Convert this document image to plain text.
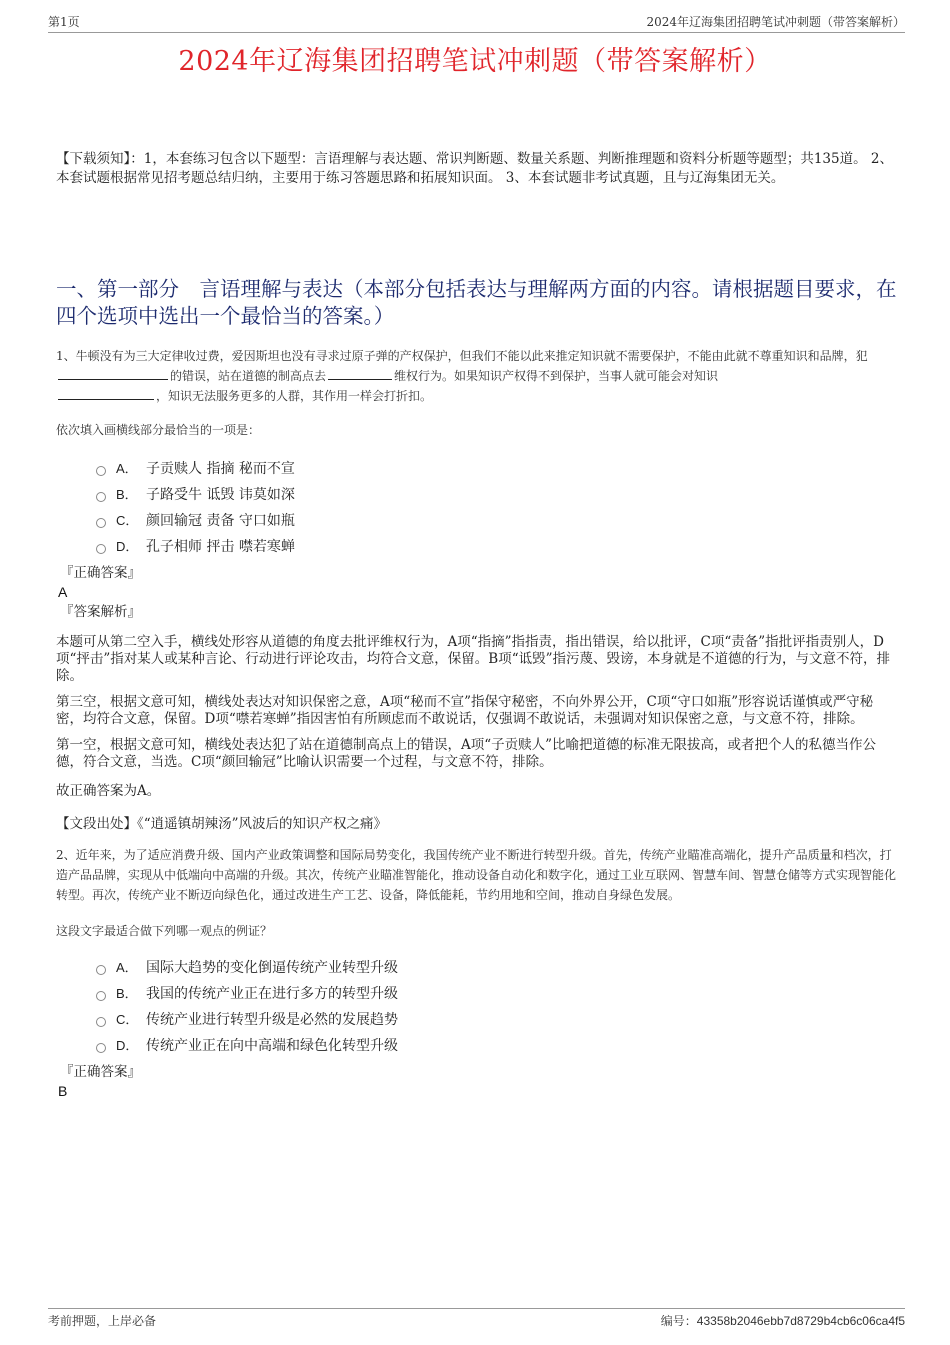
第1页	2024年辽海集团招聘笔试冲刺题（带答案解析）
2024年辽海集团招聘笔试冲刺题（带答案解析）
【下载须知】：1，本套练习包含以下题型：言语理解与表达题、常识判断题、数量关系题、判断推理题和资料分析题等题型；共135道。 2、本套试题根据常见招考题总结归纳，主要用于练习答题思路和拓展知识面。 3、本套试题非考试真题，且与辽海集团无关。
一、第一部分　言语理解与表达（本部分包括表达与理解两方面的内容。请根据题目要求，在四个选项中选出一个最恰当的答案。）

1、牛顿没有为三大定律收过费，爱因斯坦也没有寻求过原子弹的产权保护，但我们不能以此来推定知识就不需要保护，不能由此就不尊重知识和品牌，犯的错误，站在道德的制高点去	维权行为。如果知识产权得不到保护，当事人就可能会对知识
，知识无法服务更多的人群，其作用一样会打折扣。

依次填入画横线部分最恰当的一项是：

A． 子贡赎人 指摘 秘而不宣
B． 子路受牛 诋毁 讳莫如深
C． 颜回输冠 责备 守口如瓶
D． 孔子相师 抨击 噤若寒蝉

『正确答案』

A

『答案解析』

本题可从第二空入手，横线处形容从道德的角度去批评维权行为，A项“指摘”指指责，指出错误，给以批评，C项“责备”指批评指责别人，D项“抨击”指对某人或某种言论、行动进行评论攻击，均符合文意，保留。B项“诋毁”指污蔑、毁谤，本身就是不道德的行为，与文意不符，排除。

第三空，根据文意可知，横线处表达对知识保密之意，A项“秘而不宣”指保守秘密，不向外界公开，C项“守口如瓶”形容说话谨慎或严守秘密，均符合文意，保留。D项“噤若寒蝉”指因害怕有所顾虑而不敢说话，仅强调不敢说话，未强调对知识保密之意，与文意不符，排除。

第一空，根据文意可知，横线处表达犯了站在道德制高点上的错误，A项“子贡赎人”比喻把道德的标准无限拔高，或者把个人的私德当作公德，符合文意，当选。C项“颜回输冠”比喻认识需要一个过程，与文意不符，排除。

故正确答案为A。

【文段出处】《“逍遥镇胡辣汤”风波后的知识产权之痛》

2、近年来，为了适应消费升级、国内产业政策调整和国际局势变化，我国传统产业不断进行转型升级。首先，传统产业瞄准高端化，提升产品质量和档次，打造产品品牌，实现从中低端向中高端的升级。其次，传统产业瞄准智能化，推动设备自动化和数字化，通过工业互联网、智慧车间、智慧仓储等方式实现智能化转型。再次，传统产业不断迈向绿色化，通过改进生产工艺、设备，降低能耗，节约用地和空间，推动自身绿色发展。

这段文字最适合做下列哪一观点的例证？

A． 国际大趋势的变化倒逼传统产业转型升级
B． 我国的传统产业正在进行多方的转型升级
C． 传统产业进行转型升级是必然的发展趋势
D． 传统产业正在向中高端和绿色化转型升级

『正确答案』

B

考前押题，上岸必备	编号：43358b2046ebb7d8729b4cb6c06ca4f5
